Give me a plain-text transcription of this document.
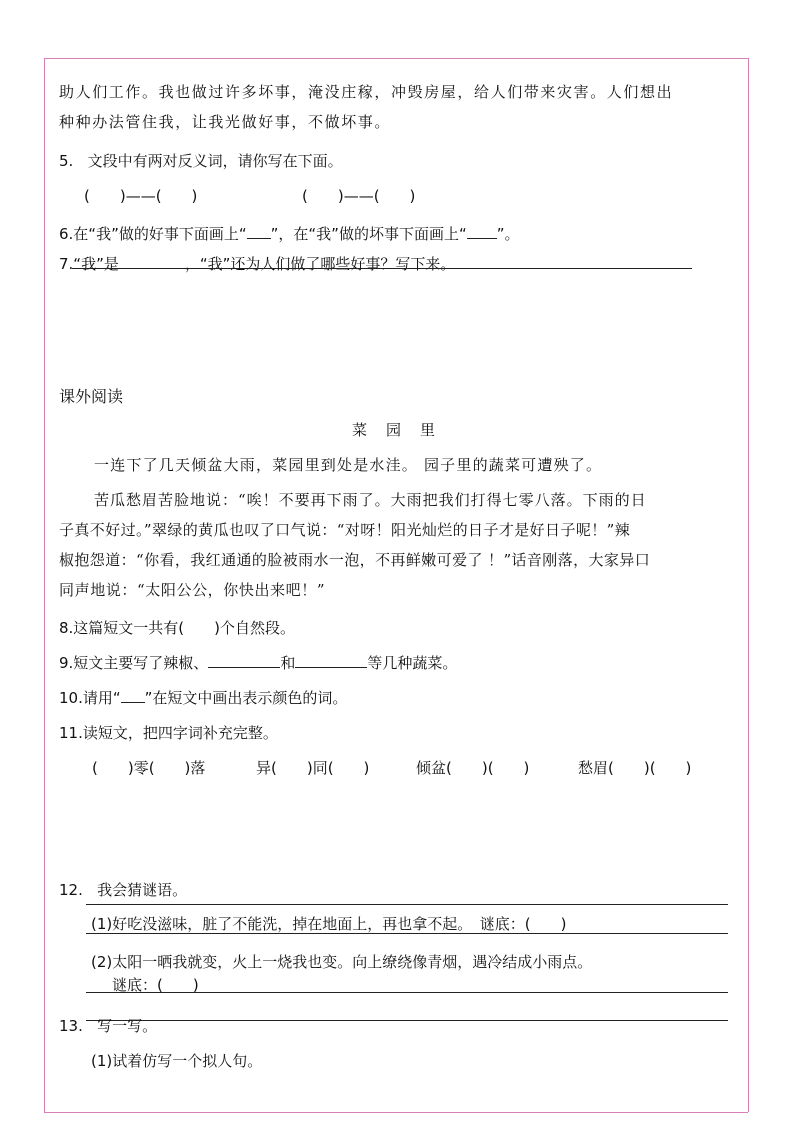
助人们工作。我也做过许多坏事，淹没庄稼，冲毁房屋，给人们带来灾害。人们想出
种种办法管住我，让我光做好事，不做坏事。
5. 文段中有两对反义词，请你写在下面。
(　　)——(　　)	(　　)——(　　)
6.在“我”做的好事下面画上“ ”，在“我”做的坏事下面画上“ ”。
7.“我”是	，“我”还为人们做了哪些好事？写下来。
课外阅读
菜　园　里
一连下了几天倾盆大雨，菜园里到处是水洼。 园子里的蔬菜可遭殃了。
苦瓜愁眉苦脸地说：“唉！不要再下雨了。大雨把我们打得七零八落。下雨的日
子真不好过。”翠绿的黄瓜也叹了口气说：“对呀！阳光灿烂的日子才是好日子呢！”辣
椒抱怨道：“你看，我红通通的脸被雨水一泡，不再鲜嫩可爱了 ！”话音刚落，大家异口
同声地说：“太阳公公，你快出来吧！”
8.这篇短文一共有(　　)个自然段。
9.短文主要写了辣椒、	和	等几种蔬菜。
10.请用“ ”在短文中画出表示颜色的词。
11.读短文，把四字词补充完整。
(　　)零(　　)落	异(　　)同(　　)	倾盆(　　)(　　)	愁眉(　　)(　　)
12. 我会猜谜语。
(1)好吃没滋味，脏了不能洗，掉在地面上，再也拿不起。　谜底：(　　)
(2)太阳一晒我就变，火上一烧我也变。向上缭绕像青烟，遇冷结成小雨点。
谜底：(　　)
13. 写一写。
(1)试着仿写一个拟人句。
